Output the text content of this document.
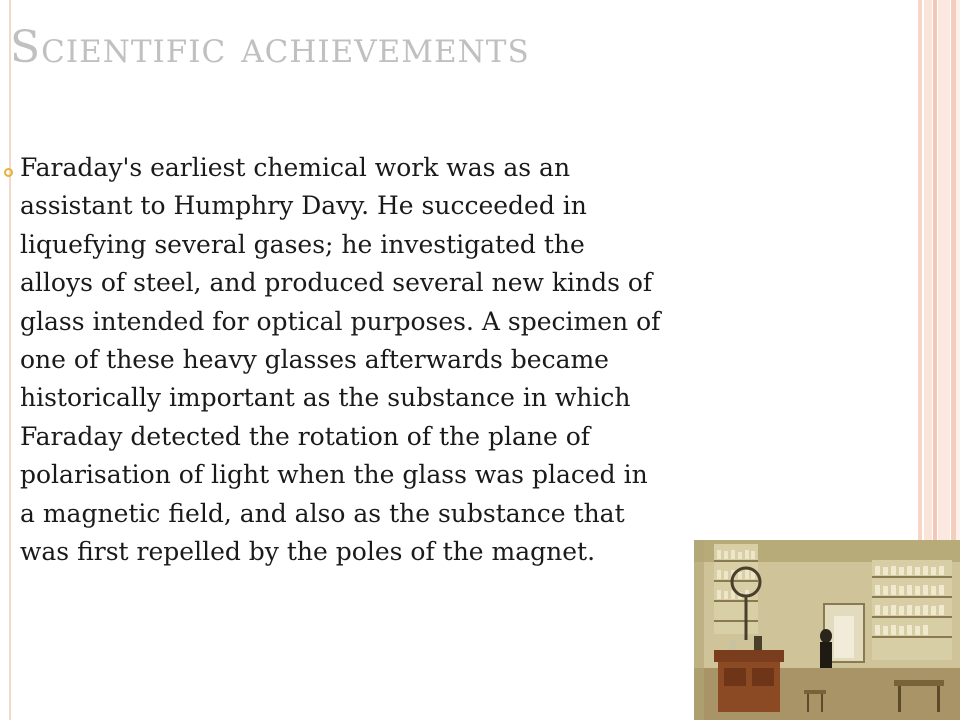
Scientific achievements

Faraday's earliest chemical work was as an
assistant to Humphry Davy. He succeeded in
liquefying several gases; he investigated the
alloys of steel, and produced several new kinds of
glass intended for optical purposes. A specimen of
one of these heavy glasses afterwards became
historically important as the substance in which
Faraday detected the rotation of the plane of
polarisation of light when the glass was placed in
a magnetic field, and also as the substance that
was first repelled by the poles of the magnet.
